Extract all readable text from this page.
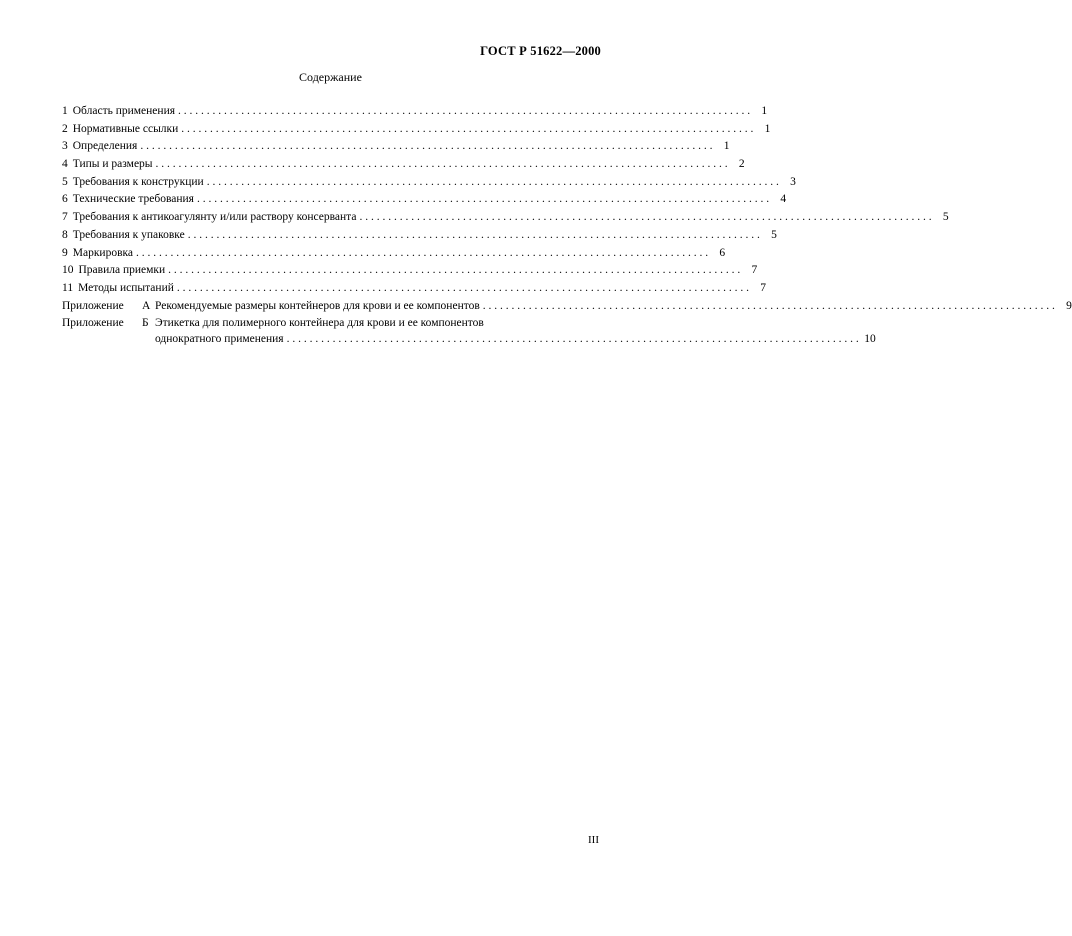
ГОСТ Р 51622—2000
Содержание
1 Область применения . . .	1
2 Нормативные ссылки . . .	1
3 Определения . . .	1
4 Типы и размеры . . .	2
5 Требования к конструкции . . .	3
6 Технические требования . . .	4
7 Требования к антикоагулянту и/или раствору консерванта . . .	5
8 Требования к упаковке . . .	5
9 Маркировка . . .	6
10 Правила приемки . . .	7
11 Методы испытаний . . .	7
Приложение	А Рекомендуемые размеры контейнеров для крови и ее компонентов . . .	9
Приложение	Б Этикетка для полимерного контейнера для крови и ее компонентов
однократного применения . . .	10
III
